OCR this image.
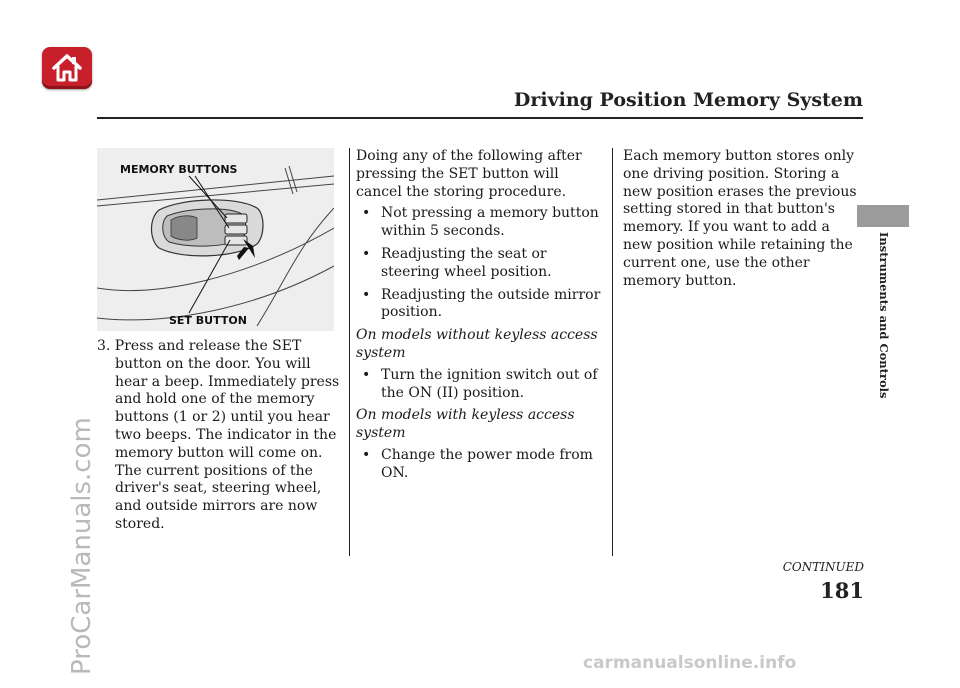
Driving Position Memory System
Instruments and Controls
ProCarManuals.com
MEMORY BUTTONS
SET BUTTON

3. Press and release the SET button on the door. You will hear a beep. Immediately press and hold one of the memory buttons (1 or 2) until you hear two beeps. The indicator in the memory button will come on. The current positions of the driver's seat, steering wheel, and outside mirrors are now stored.

Doing any of the following after pressing the SET button will cancel the storing procedure.

• Not pressing a memory button within 5 seconds.
• Readjusting the seat or steering wheel position.
• Readjusting the outside mirror position.

On models without keyless access system

• Turn the ignition switch out of the ON (II) position.

On models with keyless access system

• Change the power mode from ON.

Each memory button stores only one driving position. Storing a new position erases the previous setting stored in that button's memory. If you want to add a new position while retaining the current one, use the other memory button.

CONTINUED
181
carmanualsonline.info
